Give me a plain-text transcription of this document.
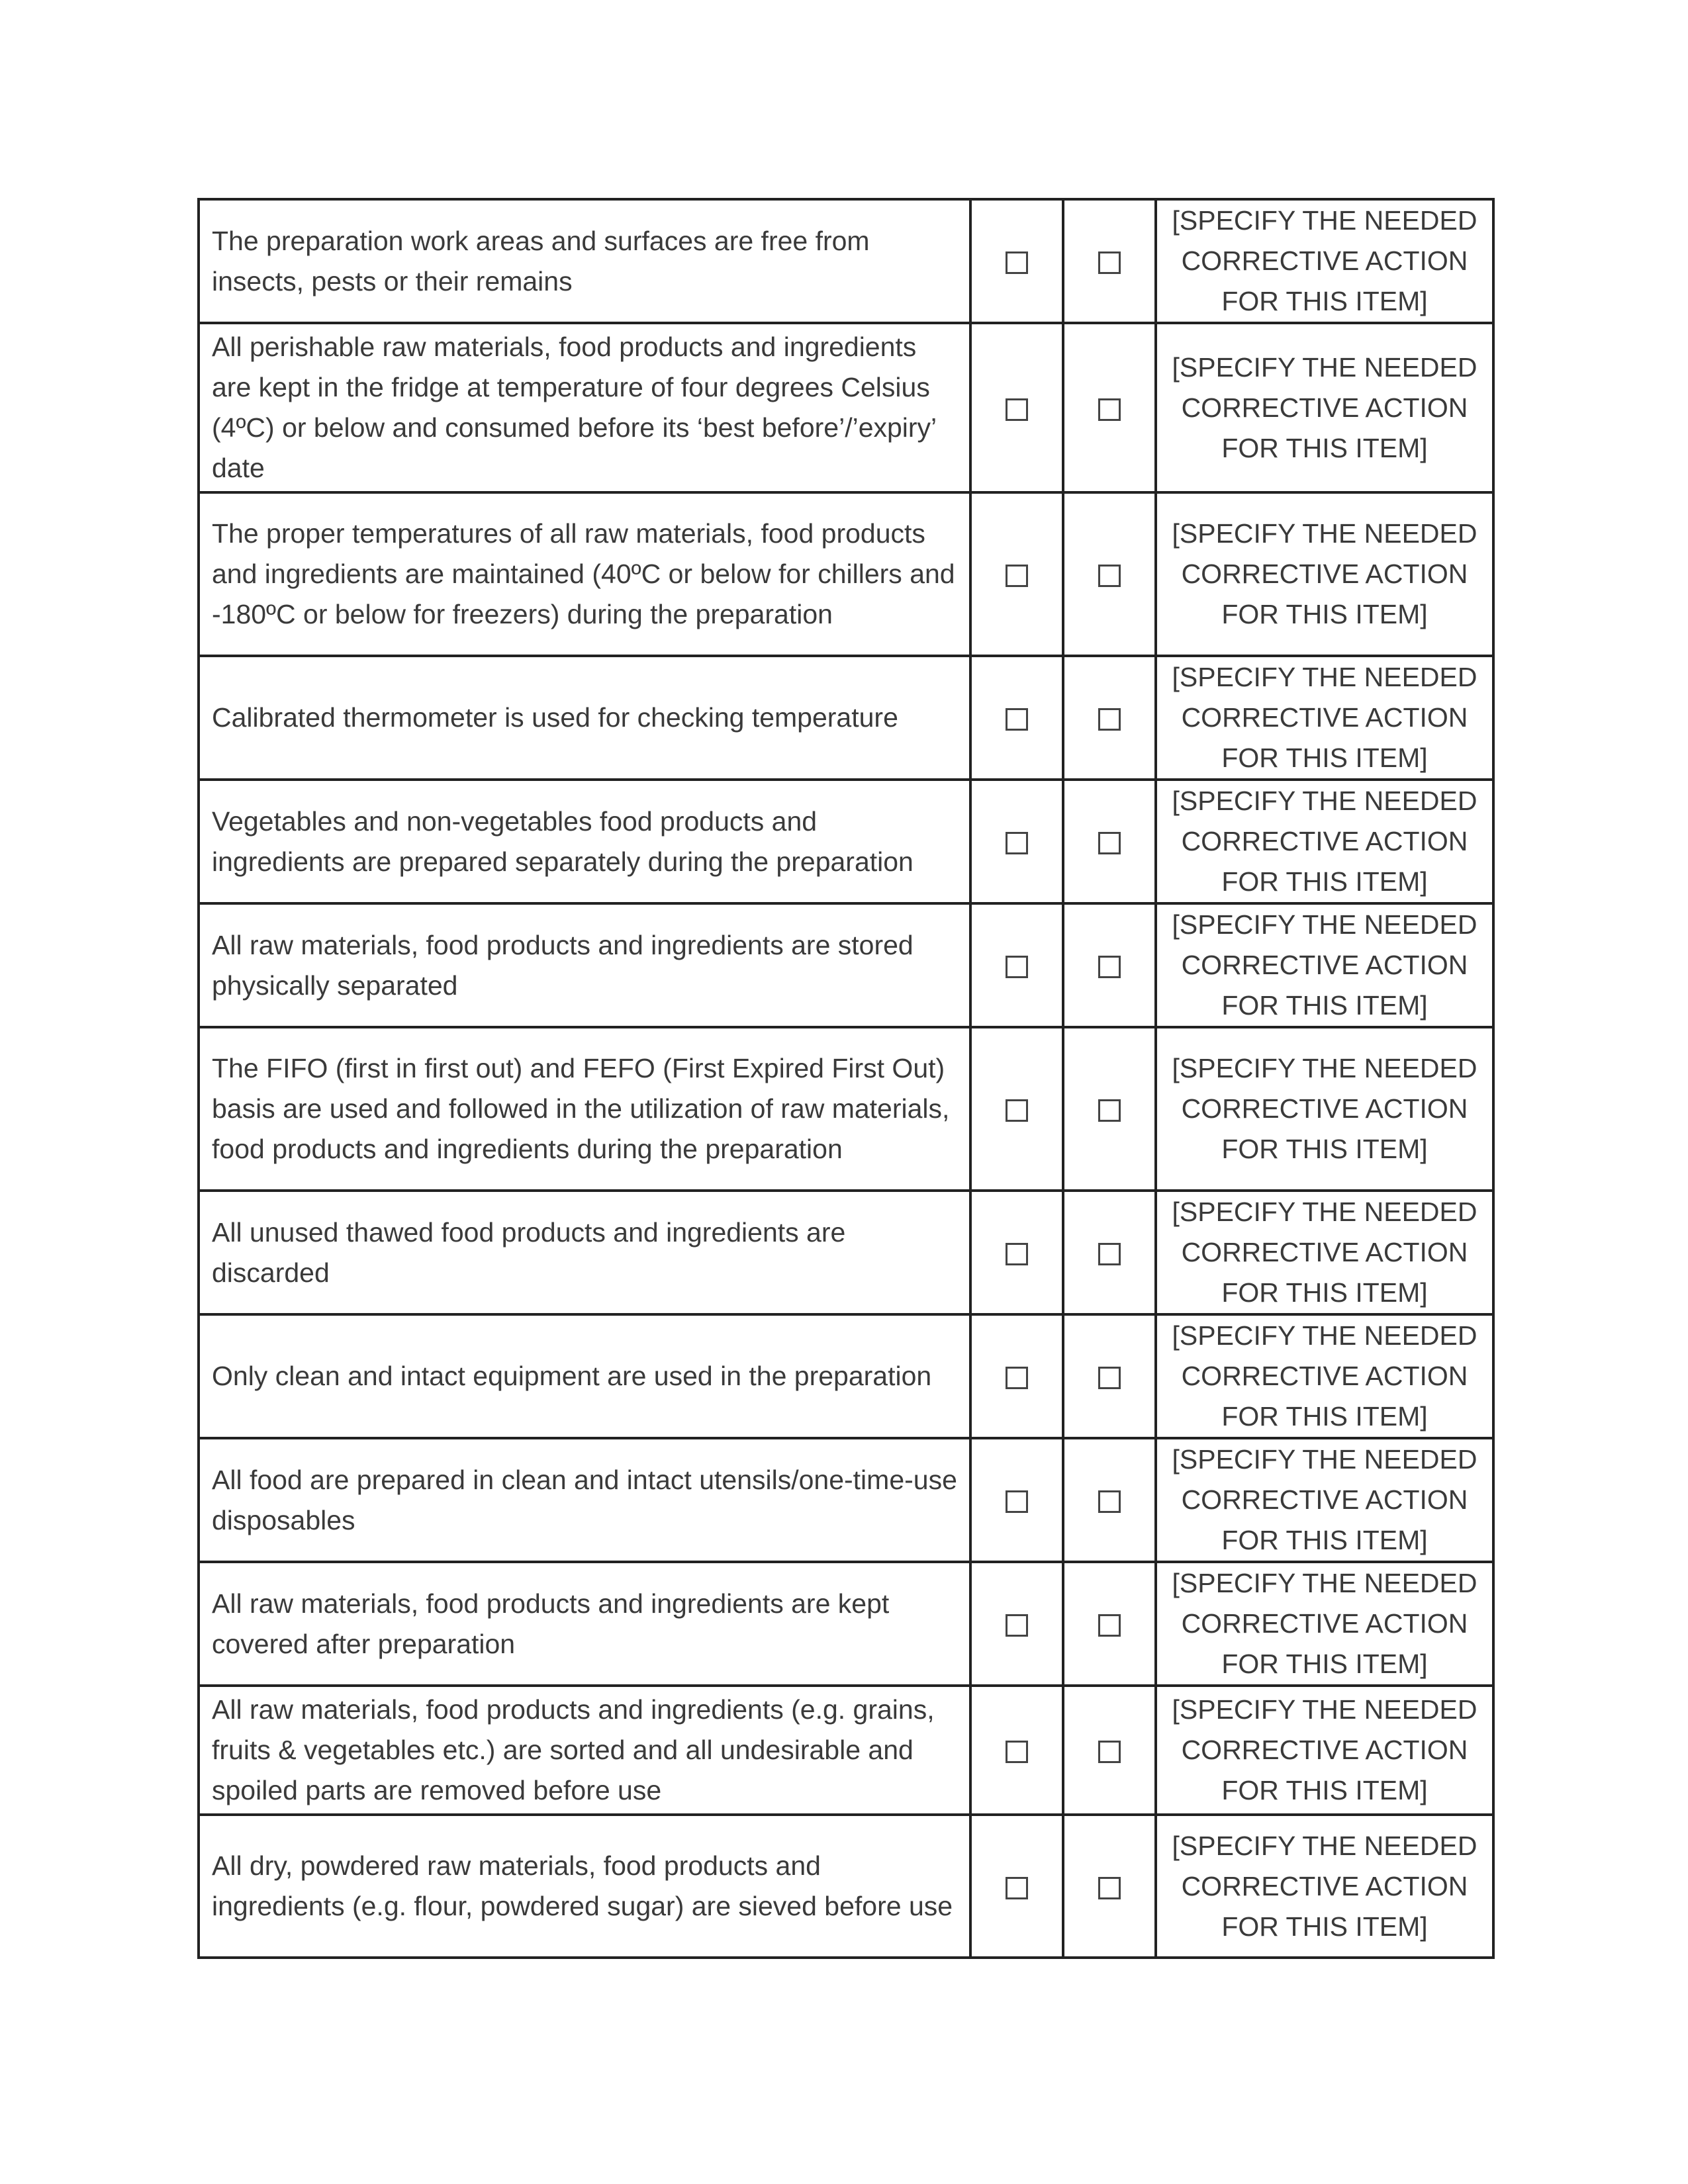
The preparation work areas and surfaces are free from insects, pests or their remains			[SPECIFY THE NEEDED CORRECTIVE ACTION FOR THIS ITEM]
All perishable raw materials, food products and ingredients are kept in the fridge at temperature of four degrees Celsius (4ºC) or below and consumed before its ‘best before’/’expiry’ date			[SPECIFY THE NEEDED CORRECTIVE ACTION FOR THIS ITEM]
The proper temperatures of all raw materials, food products and ingredients are maintained (40ºC or below for chillers and -180ºC or below for freezers) during the preparation			[SPECIFY THE NEEDED CORRECTIVE ACTION FOR THIS ITEM]
Calibrated thermometer is used for checking temperature			[SPECIFY THE NEEDED CORRECTIVE ACTION FOR THIS ITEM]
Vegetables and non-vegetables food products and ingredients are prepared separately during the preparation			[SPECIFY THE NEEDED CORRECTIVE ACTION FOR THIS ITEM]
All raw materials, food products and ingredients are stored physically separated			[SPECIFY THE NEEDED CORRECTIVE ACTION FOR THIS ITEM]
The FIFO (first in first out) and FEFO (First Expired First Out) basis are used and followed in the utilization of raw materials, food products and ingredients during the preparation			[SPECIFY THE NEEDED CORRECTIVE ACTION FOR THIS ITEM]
All unused thawed food products and ingredients are discarded			[SPECIFY THE NEEDED CORRECTIVE ACTION FOR THIS ITEM]
Only clean and intact equipment are used in the preparation			[SPECIFY THE NEEDED CORRECTIVE ACTION FOR THIS ITEM]
All food are prepared in clean and intact utensils/one-time-use disposables			[SPECIFY THE NEEDED CORRECTIVE ACTION FOR THIS ITEM]
All raw materials, food products and ingredients are kept covered after preparation			[SPECIFY THE NEEDED CORRECTIVE ACTION FOR THIS ITEM]
All raw materials, food products and ingredients (e.g. grains, fruits & vegetables etc.) are sorted and all undesirable and spoiled parts are removed before use			[SPECIFY THE NEEDED CORRECTIVE ACTION FOR THIS ITEM]
All dry, powdered raw materials, food products and ingredients (e.g. flour, powdered sugar) are sieved before use			[SPECIFY THE NEEDED CORRECTIVE ACTION FOR THIS ITEM]
